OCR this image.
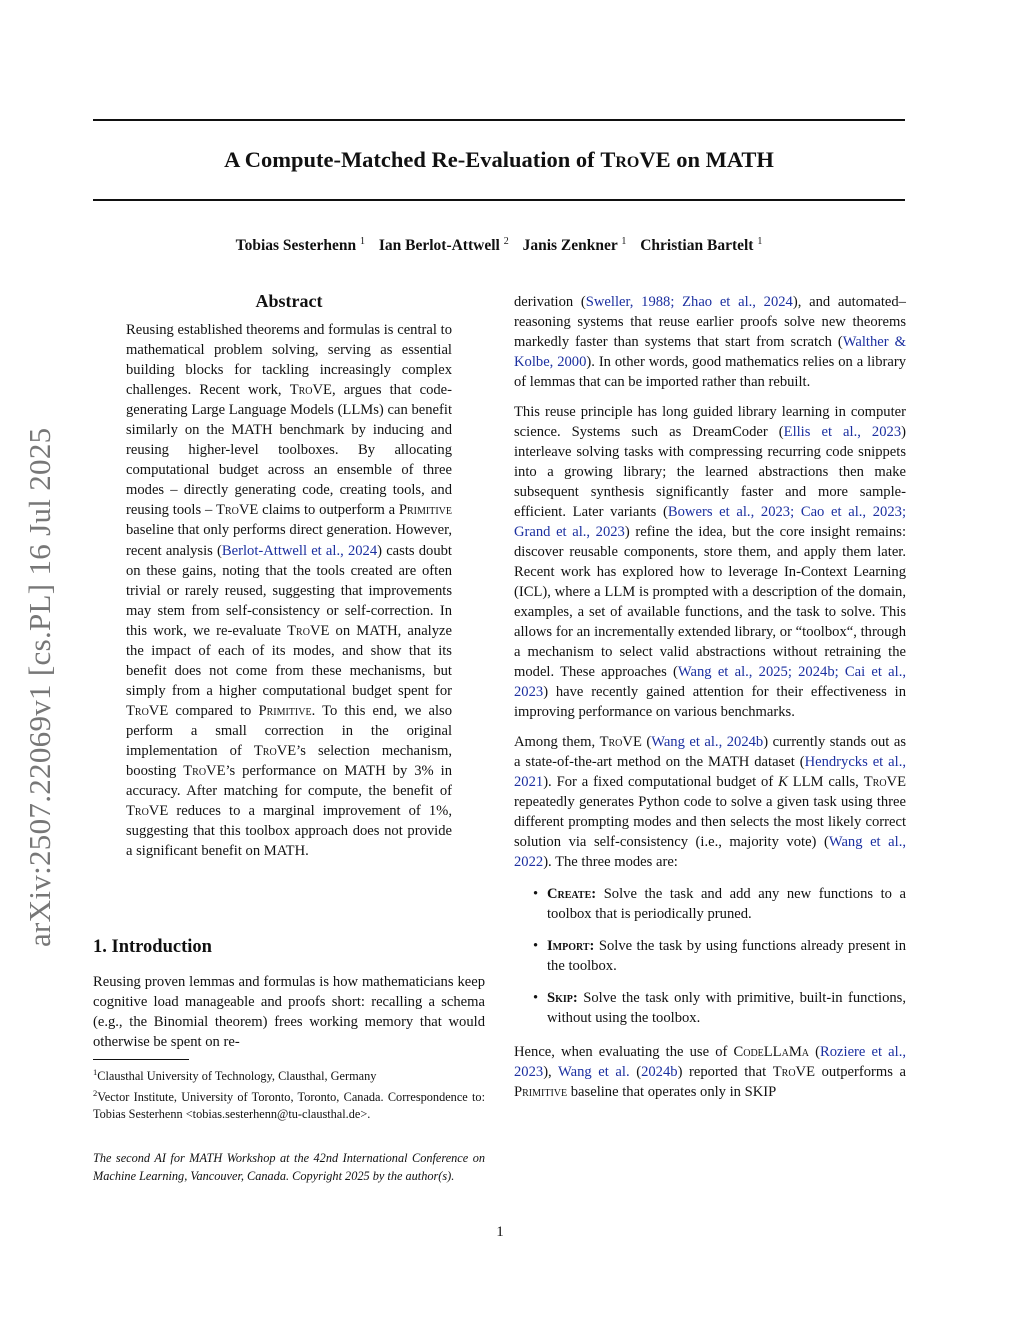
arXiv:2507.22069v1 [cs.PL] 16 Jul 2025
A Compute-Matched Re-Evaluation of TroVE on MATH
Tobias Sesterhenn $^1$ Ian Berlot-Attwell $^2$ Janis Zenkner $^1$ Christian Bartelt $^1$
Abstract
Reusing established theorems and formulas is central to mathematical problem solving, serving as essential building blocks for tackling increasingly complex challenges. Recent work, TroVE, argues that code-generating Large Language Models (LLMs) can benefit similarly on the MATH benchmark by inducing and reusing higher-level toolboxes. By allocating computational budget across an ensemble of three modes – directly generating code, creating tools, and reusing tools – TroVE claims to outperform a Primitive baseline that only performs direct generation. However, recent analysis (Berlot-Attwell et al., 2024) casts doubt on these gains, noting that the tools created are often trivial or rarely reused, suggesting that improvements may stem from self-consistency or self-correction. In this work, we re-evaluate TroVE on MATH, analyze the impact of each of its modes, and show that its benefit does not come from these mechanisms, but simply from a higher computational budget spent for TroVE compared to Primitive. To this end, we also perform a small correction in the original implementation of TroVE’s selection mechanism, boosting TroVE’s performance on MATH by 3% in accuracy. After matching for compute, the benefit of TroVE reduces to a marginal improvement of 1%, suggesting that this toolbox approach does not provide a significant benefit on MATH.
1. Introduction
Reusing proven lemmas and formulas is how mathematicians keep cognitive load manageable and proofs short: recalling a schema (e.g., the Binomial theorem) frees working memory that would otherwise be spent on re-

$^1$Clausthal University of Technology, Clausthal, Germany

$^2$Vector Institute, University of Toronto, Toronto, Canada. Correspondence to: Tobias Sesterhenn <tobias.sesterhenn@tu-clausthal.de>.

The second AI for MATH Workshop at the 42nd International Conference on Machine Learning, Vancouver, Canada. Copyright 2025 by the author(s).

derivation (Sweller, 1988; Zhao et al., 2024), and automated–reasoning systems that reuse earlier proofs solve new theorems markedly faster than systems that start from scratch (Walther & Kolbe, 2000). In other words, good mathematics relies on a library of lemmas that can be imported rather than rebuilt.

This reuse principle has long guided library learning in computer science. Systems such as DreamCoder (Ellis et al., 2023) interleave solving tasks with compressing recurring code snippets into a growing library; the learned abstractions then make subsequent synthesis significantly faster and more sample-efficient. Later variants (Bowers et al., 2023; Cao et al., 2023; Grand et al., 2023) refine the idea, but the core insight remains: discover reusable components, store them, and apply them later. Recent work has explored how to leverage In-Context Learning (ICL), where a LLM is prompted with a description of the domain, examples, a set of available functions, and the task to solve. This allows for an incrementally extended library, or “toolbox“, through a mechanism to select valid abstractions without retraining the model. These approaches (Wang et al., 2025; 2024b; Cai et al., 2023) have recently gained attention for their effectiveness in improving performance on various benchmarks.

Among them, TroVE (Wang et al., 2024b) currently stands out as a state-of-the-art method on the MATH dataset (Hendrycks et al., 2021). For a fixed computational budget of K LLM calls, TroVE repeatedly generates Python code to solve a given task using three different prompting modes and then selects the most likely correct solution via self-consistency (i.e., majority vote) (Wang et al., 2022). The three modes are:

• Create: Solve the task and add any new functions to a toolbox that is periodically pruned.
• Import: Solve the task by using functions already present in the toolbox.
• Skip: Solve the task only with primitive, built-in functions, without using the toolbox.

Hence, when evaluating the use of CodeLLaMa (Roziere et al., 2023), Wang et al. (2024b) reported that TroVE outperforms a Primitive baseline that operates only in SKIP

1
